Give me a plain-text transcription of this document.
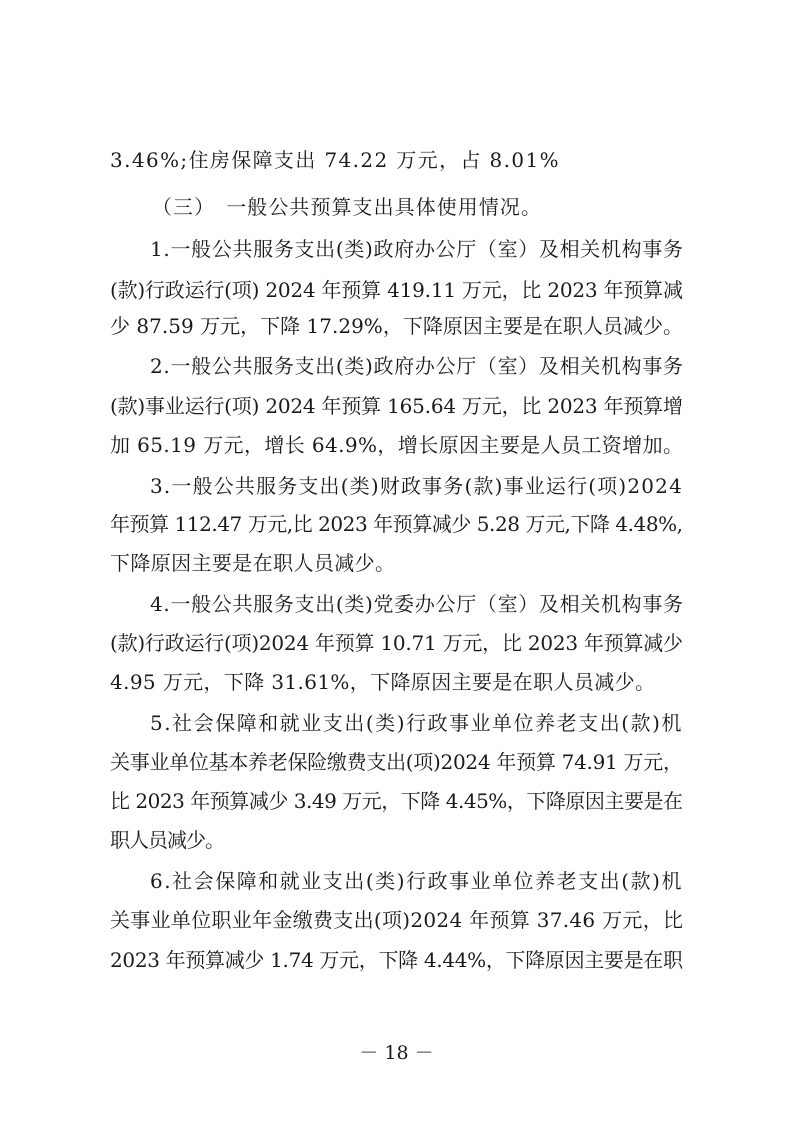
3.46%;住房保障支出 74.22 万元，占 8.01%
（三）　一般公共预算支出具体使用情况。
1.一般公共服务支出(类)政府办公厅（室）及相关机构事务
(款)行政运行(项) 2024 年预算 419.11 万元，比 2023 年预算减
少 87.59 万元，下降 17.29%，下降原因主要是在职人员减少。
2.一般公共服务支出(类)政府办公厅（室）及相关机构事务
(款)事业运行(项) 2024 年预算 165.64 万元，比 2023 年预算增
加 65.19 万元，增长 64.9%，增长原因主要是人员工资增加。
3.一般公共服务支出(类)财政事务(款)事业运行(项)2024
年预算 112.47 万元,比 2023 年预算减少 5.28 万元,下降 4.48%,
下降原因主要是在职人员减少。
4.一般公共服务支出(类)党委办公厅（室）及相关机构事务
(款)行政运行(项)2024 年预算 10.71 万元，比 2023 年预算减少
4.95 万元，下降 31.61%，下降原因主要是在职人员减少。
5.社会保障和就业支出(类)行政事业单位养老支出(款)机
关事业单位基本养老保险缴费支出(项)2024 年预算 74.91 万元，
比 2023 年预算减少 3.49 万元，下降 4.45%，下降原因主要是在
职人员减少。
6.社会保障和就业支出(类)行政事业单位养老支出(款)机
关事业单位职业年金缴费支出(项)2024 年预算 37.46 万元，比
2023 年预算减少 1.74 万元，下降 4.44%，下降原因主要是在职
－ 18 －
